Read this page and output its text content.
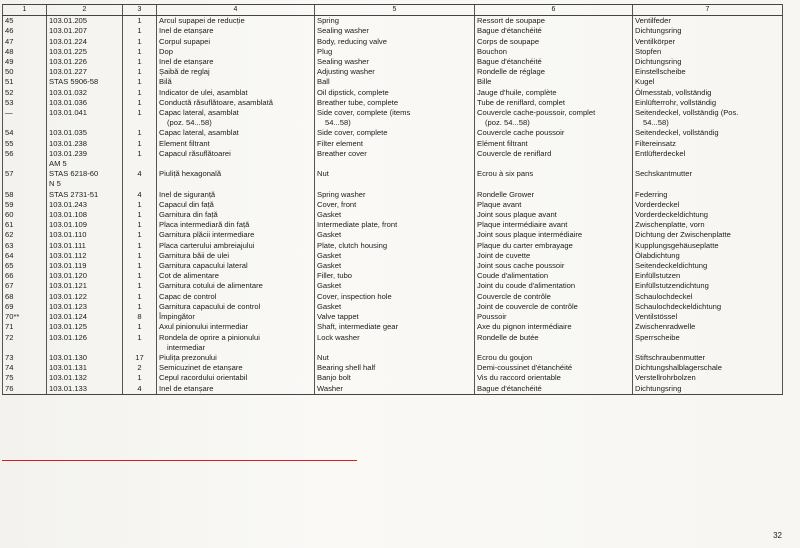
1	2	3	4	5	6	7
45	103.01.205	1	Arcul supapei de reducție	Spring	Ressort de soupape	Ventilfeder
46	103.01.207	1	Inel de etanșare	Sealing washer	Bague d'étanchéité	Dichtungsring
47	103.01.224	1	Corpul supapei	Body, reducing valve	Corps de soupape	Ventilkörper
48	103.01.225	1	Dop	Plug	Bouchon	Stopfen
49	103.01.226	1	Inel de etanșare	Sealing washer	Bague d'étanchéité	Dichtungsring
50	103.01.227	1	Șaibă de reglaj	Adjusting washer	Rondelle de réglage	Einstellscheibe
51	STAS 5906-58	1	Bilă	Ball	Bille	Kugel
52	103.01.032	1	Indicator de ulei, asamblat	Oil dipstick, complete	Jauge d'huile, complète	Ölmesstab, vollständig
53	103.01.036	1	Conductă răsuflătoare, asamblată	Breather tube, complete	Tube de reniflard, complet	Einlüfterrohr, vollständig
—	103.01.041	1	Capac lateral, asamblat	Side cover, complete (items	Couvercle cache-poussoir, complet	Seitendeckel, vollständig (Pos.
			(poz. 54...58)	54...58)	(poz. 54...58)	54...58)
54	103.01.035	1	Capac lateral, asamblat	Side cover, complete	Couvercle cache poussoir	Seitendeckel, vollständig
55	103.01.238	1	Element filtrant	Filter element	Elément filtrant	Filtereinsatz
56	103.01.239	1	Capacul răsuflătoarei	Breather cover	Couvercle de reniflard	Entlüfterdeckel
	AM 5					
57	STAS 6218-60	4	Piuliță hexagonală	Nut	Ecrou à six pans	Sechskantmutter
	N 5					
58	STAS 2731-51	4	Inel de siguranță	Spring washer	Rondelle Grower	Federring
59	103.01.243	1	Capacul din față	Cover, front	Plaque avant	Vorderdeckel
60	103.01.108	1	Garnitura din față	Gasket	Joint sous plaque avant	Vorderdeckeldichtung
61	103.01.109	1	Placa intermediară din față	Intermediate plate, front	Plaque intermédiaire avant	Zwischenplatte, vorn
62	103.01.110	1	Garnitura plăcii intermediare	Gasket	Joint sous plaque intermédiaire	Dichtung der Zwischenplatte
63	103.01.111	1	Placa carterului ambreiajului	Plate, clutch housing	Plaque du carter embrayage	Kupplungsgehäuseplatte
64	103.01.112	1	Garnitura băii de ulei	Gasket	Joint de cuvette	Ölabdichtung
65	103.01.119	1	Garnitura capacului lateral	Gasket	Joint sous cache poussoir	Seitendeckeldichtung
66	103.01.120	1	Cot de alimentare	Filler, tubo	Coude d'alimentation	Einfüllstutzen
67	103.01.121	1	Garnitura cotului de alimentare	Gasket	Joint du coude d'alimentation	Einfüllstutzendichtung
68	103.01.122	1	Capac de control	Cover, inspection hole	Couvercle de contrôle	Schaulochdeckel
69	103.01.123	1	Garnitura capacului de control	Gasket	Joint de couvercle de contrôle	Schaulochdeckeldichtung
70**	103.01.124	8	Împingător	Valve tappet	Poussoir	Ventilstössel
71	103.01.125	1	Axul pinionului intermediar	Shaft, intermediate gear	Axe du pignon intermédiaire	Zwischenradwelle
72	103.01.126	1	Rondela de oprire a pinionului	Lock washer	Rondelle de butée	Sperrscheibe
			intermediar			
73	103.01.130	17	Piulița prezonului	Nut	Ecrou du goujon	Stiftschraubenmutter
74	103.01.131	2	Semicuzinet de etanșare	Bearing shell half	Demi-coussinet d'étanchéité	Dichtungshalblagerschale
75	103.01.132	1	Cepul racordului orientabil	Banjo bolt	Vis du raccord orientable	Verstellrohrbolzen
76	103.01.133	4	Inel de etanșare	Washer	Bague d'étanchéité	Dichtungsring
32
